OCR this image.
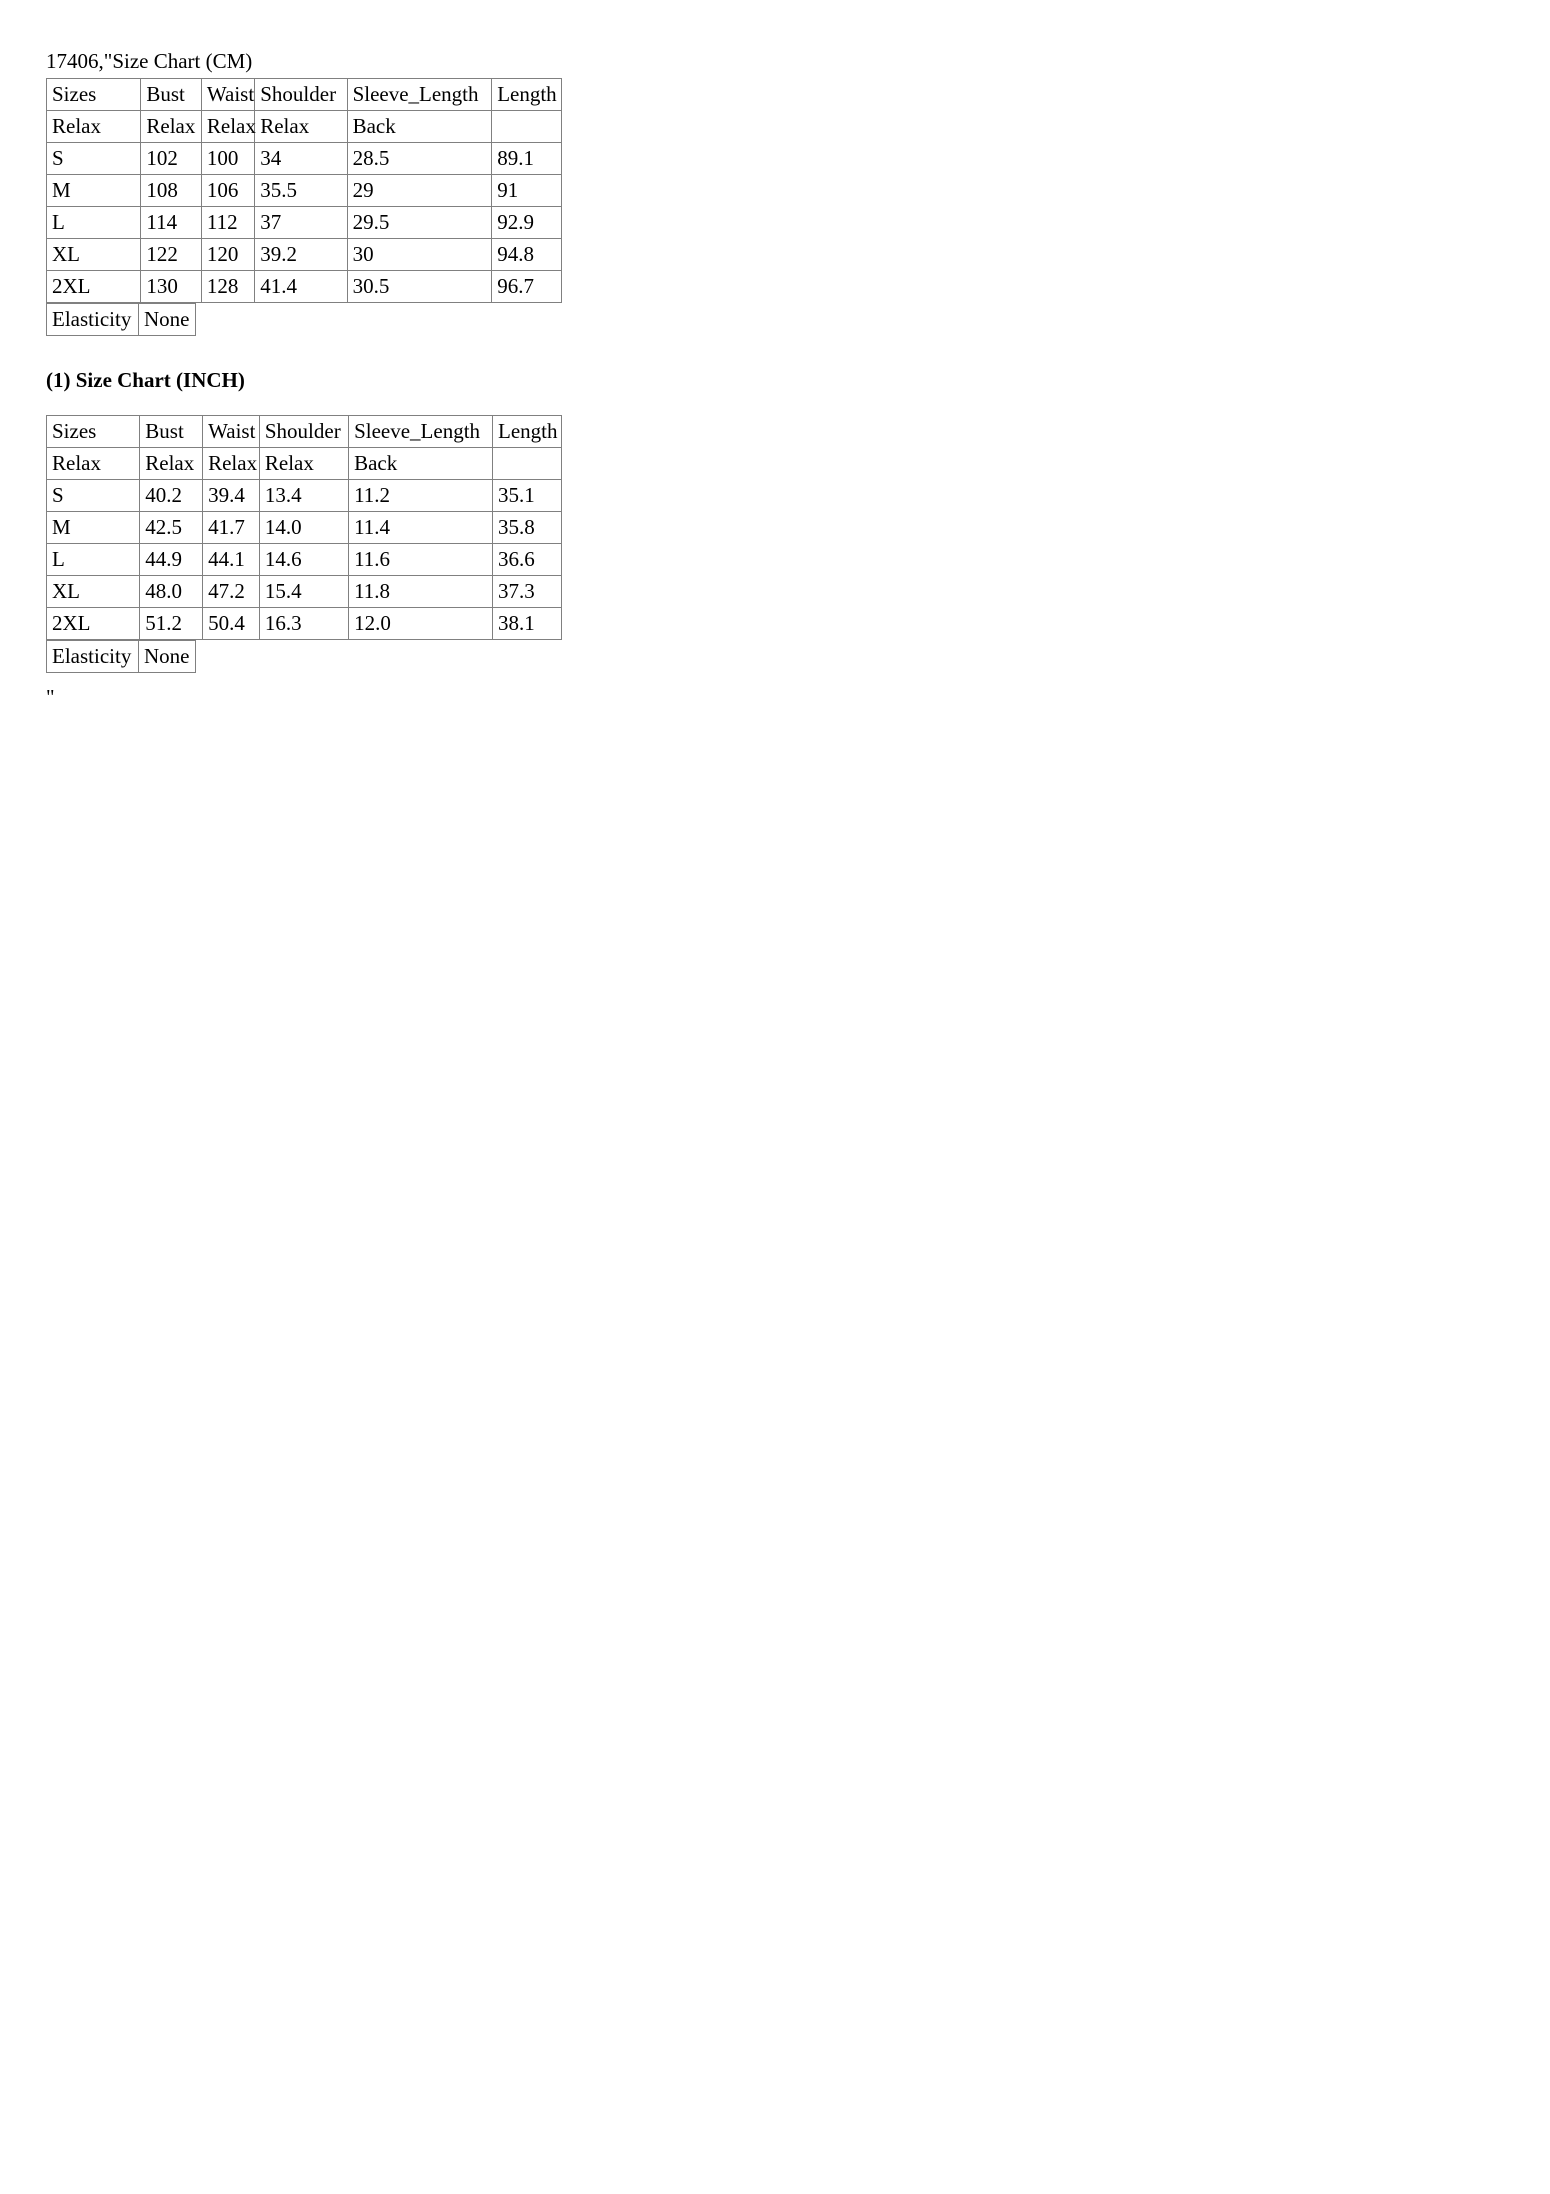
17406,"Size Chart (CM)
Sizes	Bust	Waist	Shoulder	Sleeve_Length	Length
Relax	Relax	Relax	Relax	Back	
S	102	100	34	28.5	89.1
M	108	106	35.5	29	91
L	114	112	37	29.5	92.9
XL	122	120	39.2	30	94.8
2XL	130	128	41.4	30.5	96.7
Elasticity	None
(1) Size Chart (INCH)
Sizes	Bust	Waist	Shoulder	Sleeve_Length	Length
Relax	Relax	Relax	Relax	Back	
S	40.2	39.4	13.4	11.2	35.1
M	42.5	41.7	14.0	11.4	35.8
L	44.9	44.1	14.6	11.6	36.6
XL	48.0	47.2	15.4	11.8	37.3
2XL	51.2	50.4	16.3	12.0	38.1
Elasticity	None
"
